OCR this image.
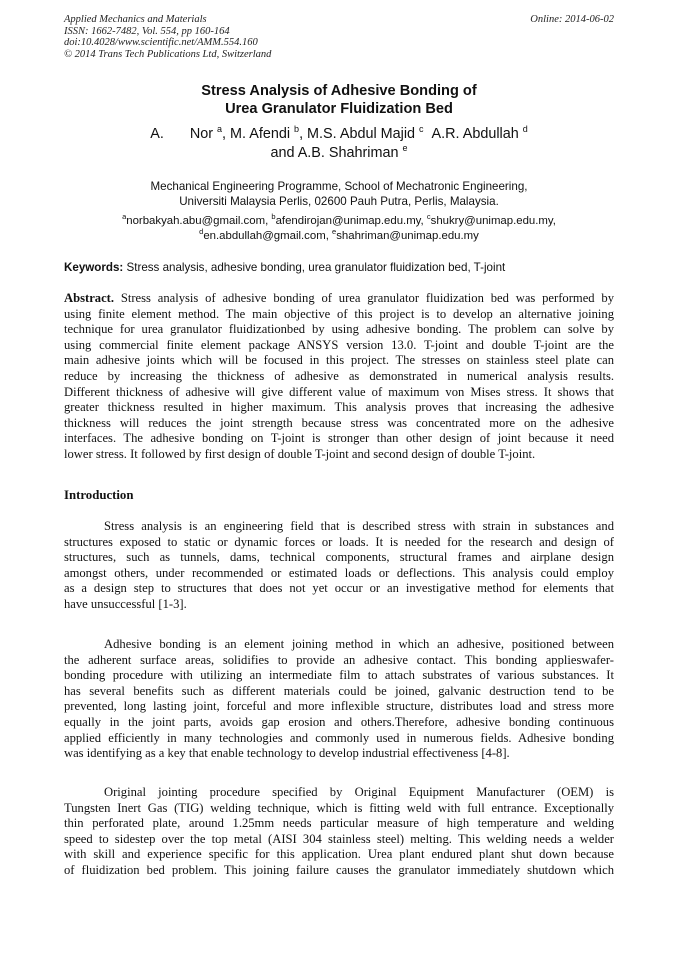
Applied Mechanics and Materials
ISSN: 1662-7482, Vol. 554, pp 160-164
doi:10.4028/www.scientific.net/AMM.554.160
© 2014 Trans Tech Publications Ltd, Switzerland
Online: 2014-06-02
Stress Analysis of Adhesive Bonding of
Urea Granulator Fluidization Bed
A. Nor $^a$, M. Afendi $^b$, M.S. Abdul Majid $^c$ A.R. Abdullah $^d$
and A.B. Shahriman $^e$
Mechanical Engineering Programme, School of Mechatronic Engineering,
Universiti Malaysia Perlis, 02600 Pauh Putra, Perlis, Malaysia.
$^a$norbakyah.abu@gmail.com, $^b$afendirojan@unimap.edu.my, $^c$shukry@unimap.edu.my,
$^d$en.abdullah@gmail.com, $^e$shahriman@unimap.edu.my
Keywords: Stress analysis, adhesive bonding, urea granulator fluidization bed, T-joint
Abstract. Stress analysis of adhesive bonding of urea granulator fluidization bed was performed by
using finite element method. The main objective of this project is to develop an alternative joining
technique for urea granulator fluidizationbed by using adhesive bonding. The problem can solve by
using commercial finite element package ANSYS version 13.0. T-joint and double T-joint are the
main adhesive joints which will be focused in this project. The stresses on stainless steel plate can
reduce by increasing the thickness of adhesive as demonstrated in numerical analysis results.
Different thickness of adhesive will give different value of maximum von Mises stress. It shows that
greater thickness resulted in higher maximum. This analysis proves that increasing the adhesive
thickness will reduces the joint strength because stress was concentrated more on the adhesive
interfaces. The adhesive bonding on T-joint is stronger than other design of joint because it need
lower stress. It followed by first design of double T-joint and second design of double T-joint.
Introduction
Stress analysis is an engineering field that is described stress with strain in substances and
structures exposed to static or dynamic forces or loads. It is needed for the research and design of
structures, such as tunnels, dams, technical components, structural frames and airplane design
amongst others, under recommended or estimated loads or deflections. This analysis could employ
as a design step to structures that does not yet occur or an investigative method for elements that
have unsuccessful [1-3].
Adhesive bonding is an element joining method in which an adhesive, positioned between
the adherent surface areas, solidifies to provide an adhesive contact. This bonding applieswafer-
bonding procedure with utilizing an intermediate film to attach substrates of various substances. It
has several benefits such as different materials could be joined, galvanic destruction tend to be
prevented, long lasting joint, forceful and more inflexible structure, distributes load and stress more
equally in the joint parts, avoids gap erosion and others.Therefore, adhesive bonding continuous
applied efficiently in many technologies and commonly used in numerous fields. Adhesive bonding
was identifying as a key that enable technology to develop industrial effectiveness [4-8].
Original jointing procedure specified by Original Equipment Manufacturer (OEM) is
Tungsten Inert Gas (TIG) welding technique, which is fitting weld with full entrance. Exceptionally
thin perforated plate, around 1.25mm needs particular measure of high temperature and welding
speed to sidestep over the top metal (AISI 304 stainless steel) melting. This welding needs a welder
with skill and experience specific for this application. Urea plant endured plant shut down because
of fluidization bed problem. This joining failure causes the granulator immediately shutdown which
